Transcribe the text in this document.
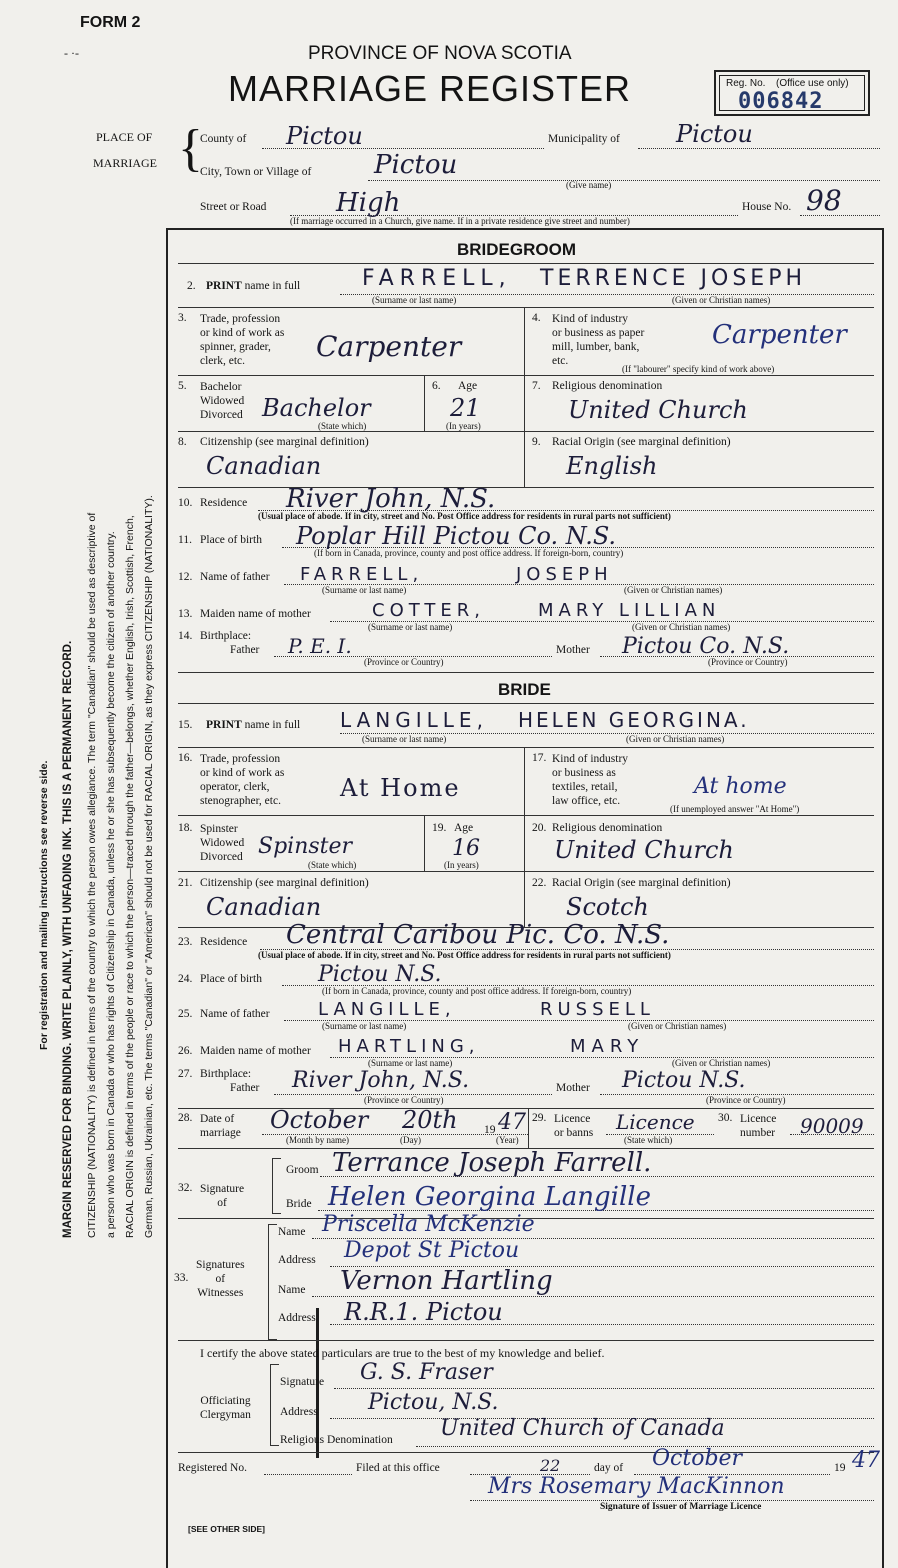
FORM 2
- ·-	PROVINCE OF NOVA SCOTIA
MARRIAGE REGISTER	Reg. No. (Office use only)
006842
PLACE OF
MARRIAGE {
County of Pictou	Municipality of Pictou
City, Town or Village of Pictou
(Give name)
Street or Road	High	House No. 98
(If marriage occurred in a Church, give name. If in a private residence give street and number)
For registration and mailing instructions see reverse side. MARGIN RESERVED FOR BINDING. WRITE PLAINLY, WITH UNFADING INK. THIS IS A PERMANENT RECORD. CITIZENSHIP (NATIONALITY) is defined in terms of the country to which the person owes allegiance. The term "Canadian" should be used as descriptive of a person who was born in Canada or who has rights of Citizenship in Canada, unless he or she has subsequently become the citizen of another country. RACIAL ORIGIN is defined in terms of the people or race to which the person—traced through the father—belongs, whether English, Irish, Scottish, French, German, Russian, Ukrainian, etc. The terms "Canadian" or "American" should not be used for RACIAL ORIGIN, as they express CITIZENSHIP (NATIONALITY).
BRIDEGROOM
2. PRINT name in full	FARRELL, TERRENCE JOSEPH
(Surname or last name)	(Given or Christian names)
3. Trade, profession
or kind of work as
spinner, grader,
clerk, etc.	Carpenter
4. Kind of industry
or business as paper
mill, lumber, bank,
etc.
Carpenter
(If "labourer" specify kind of work above)
5. Bachelor
Widowed
Divorced Bachelor
(State which)
6. Age
21
(In years)
7. Religious denomination
United Church
8. Citizenship (see marginal definition)
Canadian
9. Racial Origin (see marginal definition)
English
10. Residence River John, N.S.
(Usual place of abode. If in city, street and No. Post Office address for residents in rural parts not sufficient)
11. Place of birth Poplar Hill Pictou Co. N.S.
(If born in Canada, province, county and post office address. If foreign-born, country)
12. Name of father FARRELL,	JOSEPH
(Surname or last name)	(Given or Christian names)
13. Maiden name of mother	COTTER,	MARY LILLIAN
(Surname or last name)	(Given or Christian names)
14. Birthplace:
Father P. E. I.	Mother Pictou Co. N.S.
(Province or Country)	(Province or Country)
BRIDE
15. PRINT name in full LANGILLE, HELEN GEORGINA.
(Surname or last name)	(Given or Christian names)
16. Trade, profession
or kind of work as
operator, clerk,
stenographer, etc. At Home
17. Kind of industry
or business as
textiles, retail,
law office, etc.
At home
(If unemployed answer "At Home")
18. Spinster
Widowed
Divorced Spinster
(State which)
19. Age
16
(In years)
20. Religious denomination
United Church
21. Citizenship (see marginal definition)
Canadian
22. Racial Origin (see marginal definition)
Scotch
23. Residence Central Caribou Pic. Co. N.S.
(Usual place of abode. If in city, street and No. Post Office address for residents in rural parts not sufficient)
24. Place of birth	Pictou N.S.
(If born in Canada, province, county and post office address. If foreign-born, country)
25. Name of father	LANGILLE,	RUSSELL
(Surname or last name)	(Given or Christian names)
26. Maiden name of mother HARTLING,	MARY
(Surname or last name)	(Given or Christian names)
27. Birthplace:
Father River John, N.S.	Mother Pictou N.S.
(Province or Country)	(Province or Country)
28. Date of
marriage October 20th 19 47
(Month by name)	(Day)	(Year)
29. Licence
or banns Licence
(State which)
30. Licence
number 90009
32. Signature
of
Groom Terrance Joseph Farrell.
Bride Helen Georgina Langille
33.
Signatures
of
Witnesses
Name Priscella McKenzie
Address Depot St Pictou
Name Vernon Hartling
Address R.R.1. Pictou
I certify the above stated particulars are true to the best of my knowledge and belief.
Officiating
Clergyman
Signature G. S. Fraser
Address Pictou, N.S.
Religious Denomination United Church of Canada
Registered No.	Filed at this office	22	day of October	19 47
Mrs Rosemary MacKinnon
Signature of Issuer of Marriage Licence
[SEE OTHER SIDE]
